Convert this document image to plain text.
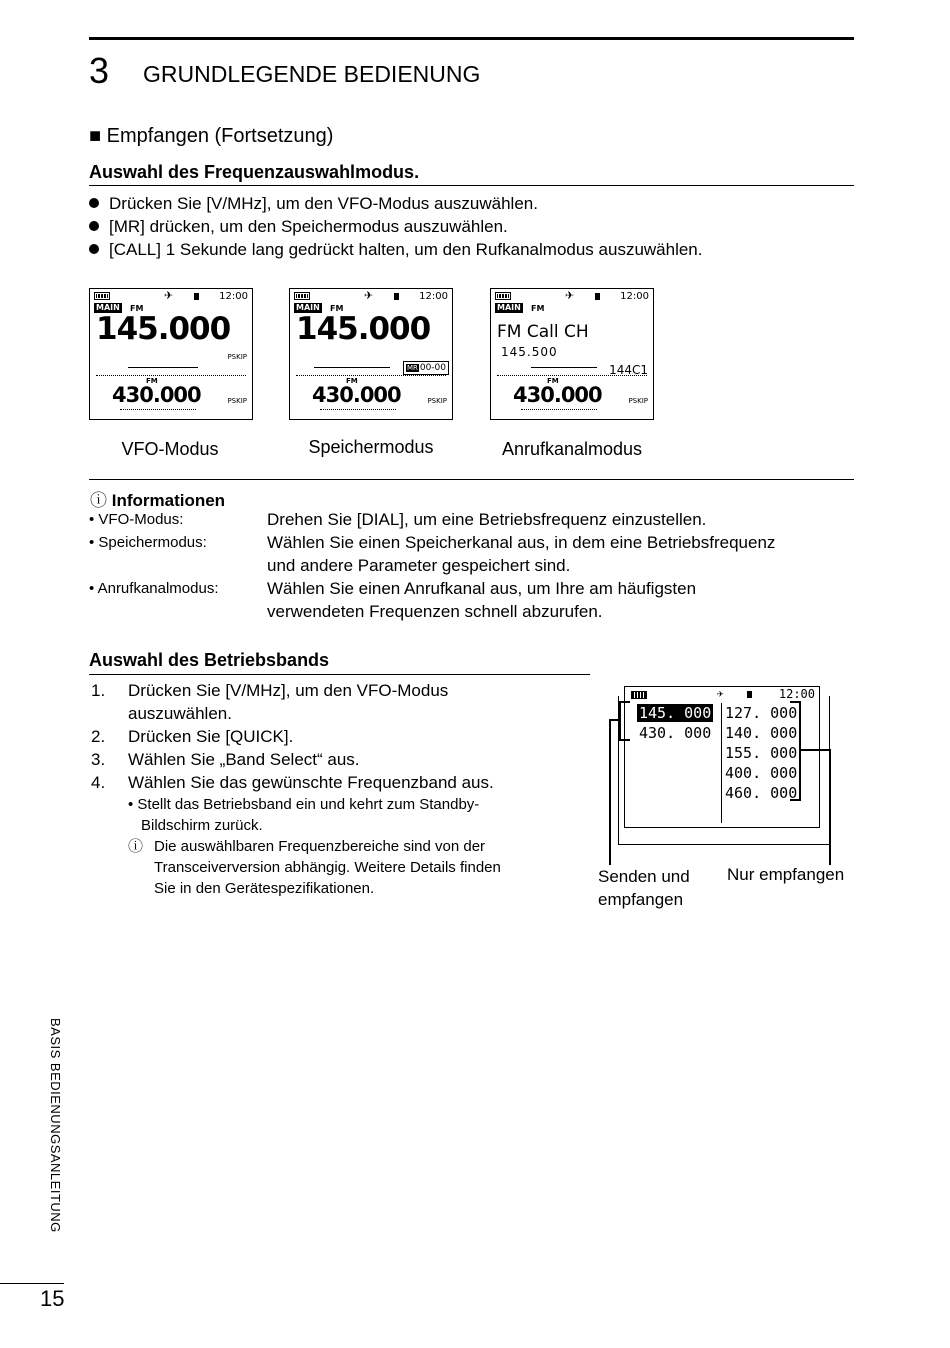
3 GRUNDLEGENDE BEDIENUNG
■ Empfangen (Fortsetzung)
Auswahl des Frequenzauswahlmodus.
Drücken Sie [V/MHz], um den VFO-Modus auszuwählen.
[MR] drücken, um den Speichermodus auszuwählen.
[CALL] 1 Sekunde lang gedrückt halten, um den Rufkanalmodus auszuwählen.
✈	12:00
MAIN FM
145.000
PSKIP
FM
430.000	PSKIP
VFO-Modus
✈	12:00
MAIN FM
145.000
MR 00-00
FM
430.000	PSKIP
Speichermodus
✈	12:00
MAIN FM
FM Call CH
145.500
144C1
FM
430.000	PSKIP
Anrufkanalmodus
ⓘ Informationen
• VFO-Modus:	Drehen Sie [DIAL], um eine Betriebsfrequenz einzustellen.
• Speichermodus:	Wählen Sie einen Speicherkanal aus, in dem eine Betriebsfrequenz
und andere Parameter gespeichert sind.
• Anrufkanalmodus:	Wählen Sie einen Anrufkanal aus, um Ihre am häufigsten
verwendeten Frequenzen schnell abzurufen.
Auswahl des Betriebsbands
1. Drücken Sie [V/MHz], um den VFO-Modus
auszuwählen.
2. Drücken Sie [QUICK].
3. Wählen Sie „Band Select“ aus.
4. Wählen Sie das gewünschte Frequenzband aus.
• Stellt das Betriebsband ein und kehrt zum Standby-
Bildschirm zurück.
ⓘ Die auswählbaren Frequenzbereiche sind von der
Transceiverversion abhängig. Weitere Details finden
Sie in den Gerätespezifikationen.
✈	12:00
145. 000
430. 000
127. 000
140. 000
155. 000
400. 000
460. 000
Senden und
empfangen
Nur empfangen
BASIS BEDIENUNGSANLEITUNG
15
